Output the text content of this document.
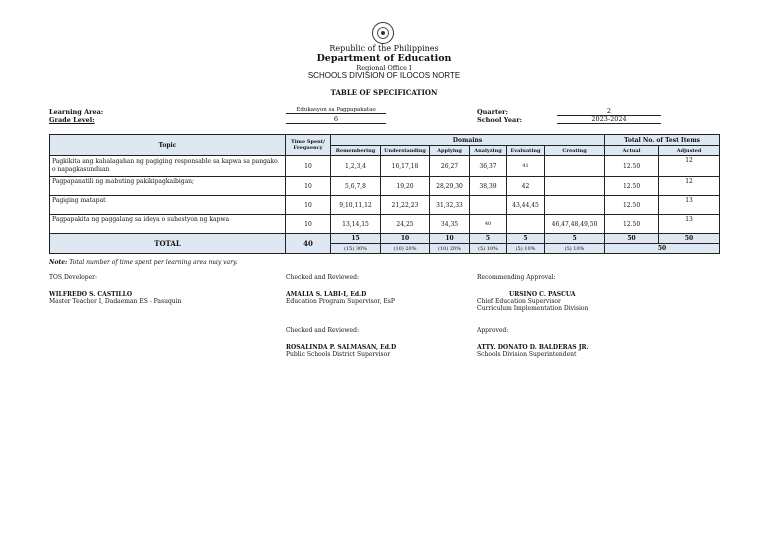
Republic of the Philippines
Department of Education
Regional Office I
SCHOOLS DIVISION OF ILOCOS NORTE
TABLE OF SPECIFICATION
Learning Area:	Edukasyon sa Pagpapakatao
Grade Level:	6
Quarter:	2
School Year:	2023-2024
Topic	Time Spent/ Frequency	Domains						Total No. of Test Items	
		Remembering	Understanding	Applying	Analyzing	Evaluating	Creating	Actual	Adjusted
Pagkikita ang kahalagahan ng pagiging responsable sa kapwa sa pangako o napagkasunduan	10	1,2,3,4	16,17,18	26,27	36,37	41		12.50	12
Pagpapanatili ng mabuting pakikipagkaibigan;	10	5,6,7,8	19,20	28,29,30	38,39	42		12.50	12
Pagiging matapat	10	9,10,11,12	21,22,23	31,32,33		43,44,45		12.50	13
Pagpapakita ng paggalang sa ideya o suhestyon ng kapwa	10	13,14,15	24,25	34,35	40		46,47,48,49,50	12.50	13
TOTAL	40	15	10	10	5	5	5	50	50
		(15) 30%	(10) 20%	(10) 20%	(5) 10%	(5) 10%	(5) 10%	50	
Note: Total number of time spent per learning area may vary.
TOS Developer:
WILFREDO S. CASTILLO
Master Teacher I, Dadaeman ES - Pasuquin
Checked and Reviewed:
AMALIA S. LABI-I, Ed.D
Education Program Supervisor, EsP
Recommending Approval:
URSINO C. PASCUA
Chief Education Supervisor
Curriculum Implementation Division
Checked and Reviewed:
ROSALINDA P. SALMASAN, Ed.D
Public Schools District Supervisor
Approved:
ATTY. DONATO D. BALDERAS JR.
Schools Division Superintendent
